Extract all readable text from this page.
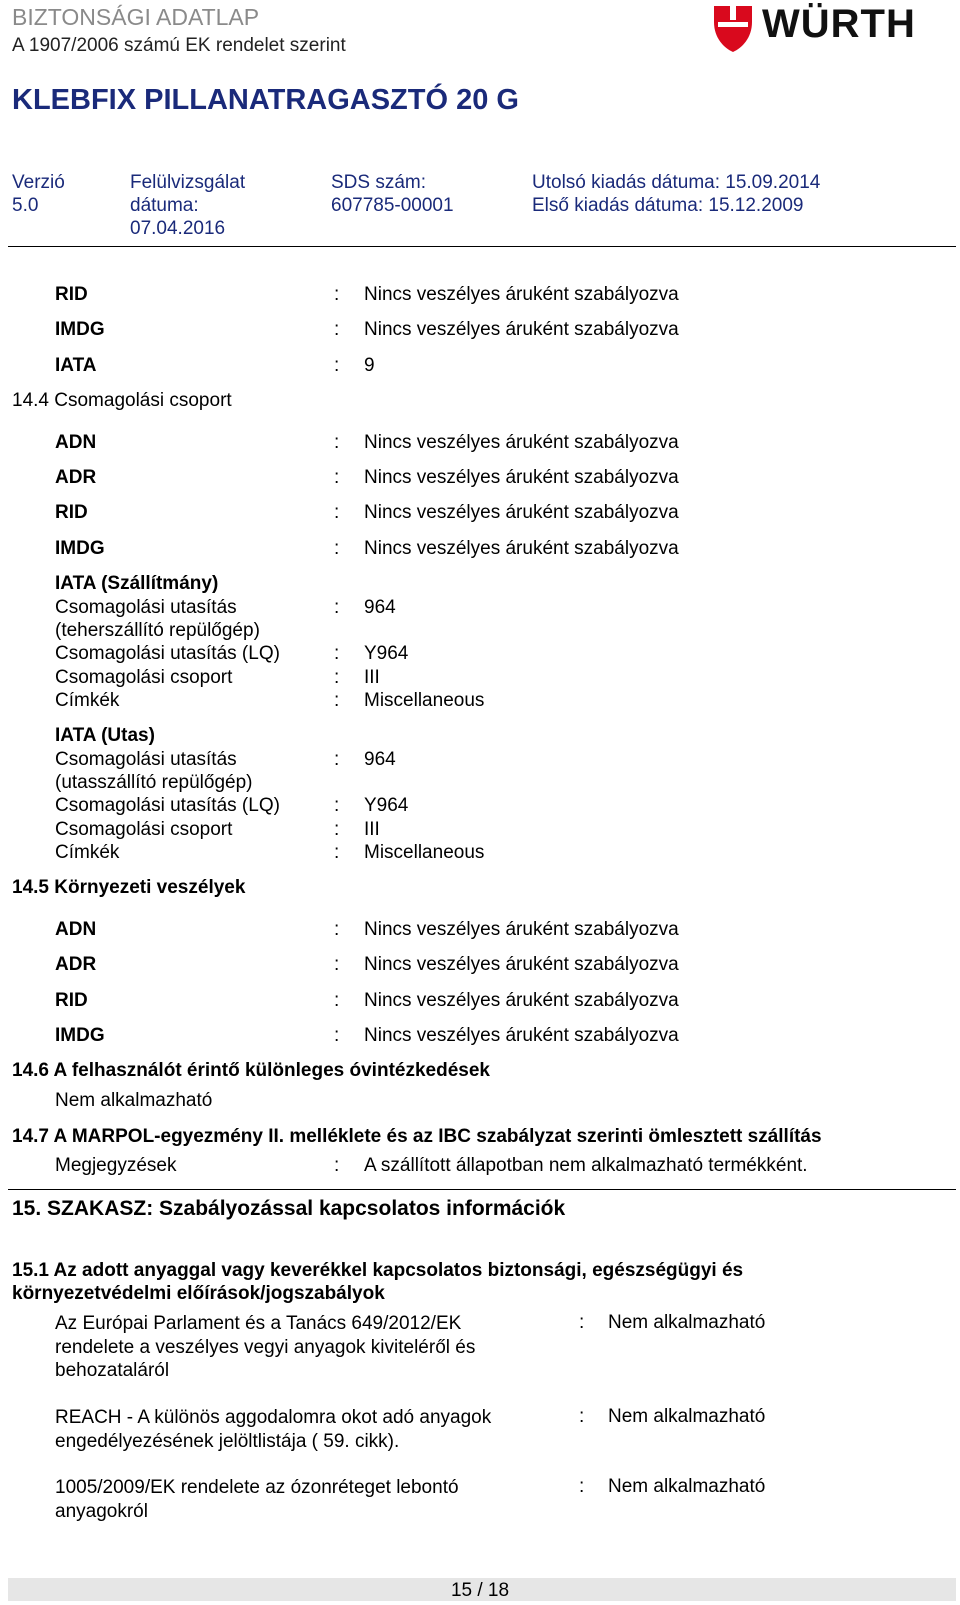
BIZTONSÁGI ADATLAP
A 1907/2006 számú EK rendelet szerint	WÜRTH
KLEBFIX PILLANATRAGASZTÓ 20 G
Verzió
5.0
Felülvizsgálat
dátuma:
07.04.2016
SDS szám:
607785-00001
Utolsó kiadás dátuma: 15.09.2014
Első kiadás dátuma: 15.12.2009
RID	: Nincs veszélyes áruként szabályozva
IMDG	: Nincs veszélyes áruként szabályozva
IATA	: 9
14.4 Csomagolási csoport
ADN	: Nincs veszélyes áruként szabályozva
ADR	: Nincs veszélyes áruként szabályozva
RID	: Nincs veszélyes áruként szabályozva
IMDG	: Nincs veszélyes áruként szabályozva
IATA (Szállítmány)
Csomagolási utasítás
(teherszállító repülőgép)
: 964
Csomagolási utasítás (LQ)	: Y964
Csomagolási csoport	: III
Címkék	: Miscellaneous
IATA (Utas)
Csomagolási utasítás
(utasszállító repülőgép)
: 964
Csomagolási utasítás (LQ)	: Y964
Csomagolási csoport	: III
Címkék	: Miscellaneous
14.5 Környezeti veszélyek
ADN	: Nincs veszélyes áruként szabályozva
ADR	: Nincs veszélyes áruként szabályozva
RID	: Nincs veszélyes áruként szabályozva
IMDG	: Nincs veszélyes áruként szabályozva
14.6 A felhasználót érintő különleges óvintézkedések
Nem alkalmazható
14.7 A MARPOL-egyezmény II. melléklete és az IBC szabályzat szerinti ömlesztett szállítás
Megjegyzések	: A szállított állapotban nem alkalmazható termékként.
15. SZAKASZ: Szabályozással kapcsolatos információk
15.1 Az adott anyaggal vagy keverékkel kapcsolatos biztonsági, egészségügyi és
környezetvédelmi előírások/jogszabályok
Az Európai Parlament és a Tanács 649/2012/EK
rendelete a veszélyes vegyi anyagok kiviteléről és
behozataláról
: Nem alkalmazható
REACH - A különös aggodalomra okot adó anyagok
engedélyezésének jelöltlistája ( 59. cikk).
: Nem alkalmazható
1005/2009/EK rendelete az ózonréteget lebontó
anyagokról
: Nem alkalmazható
15 / 18
